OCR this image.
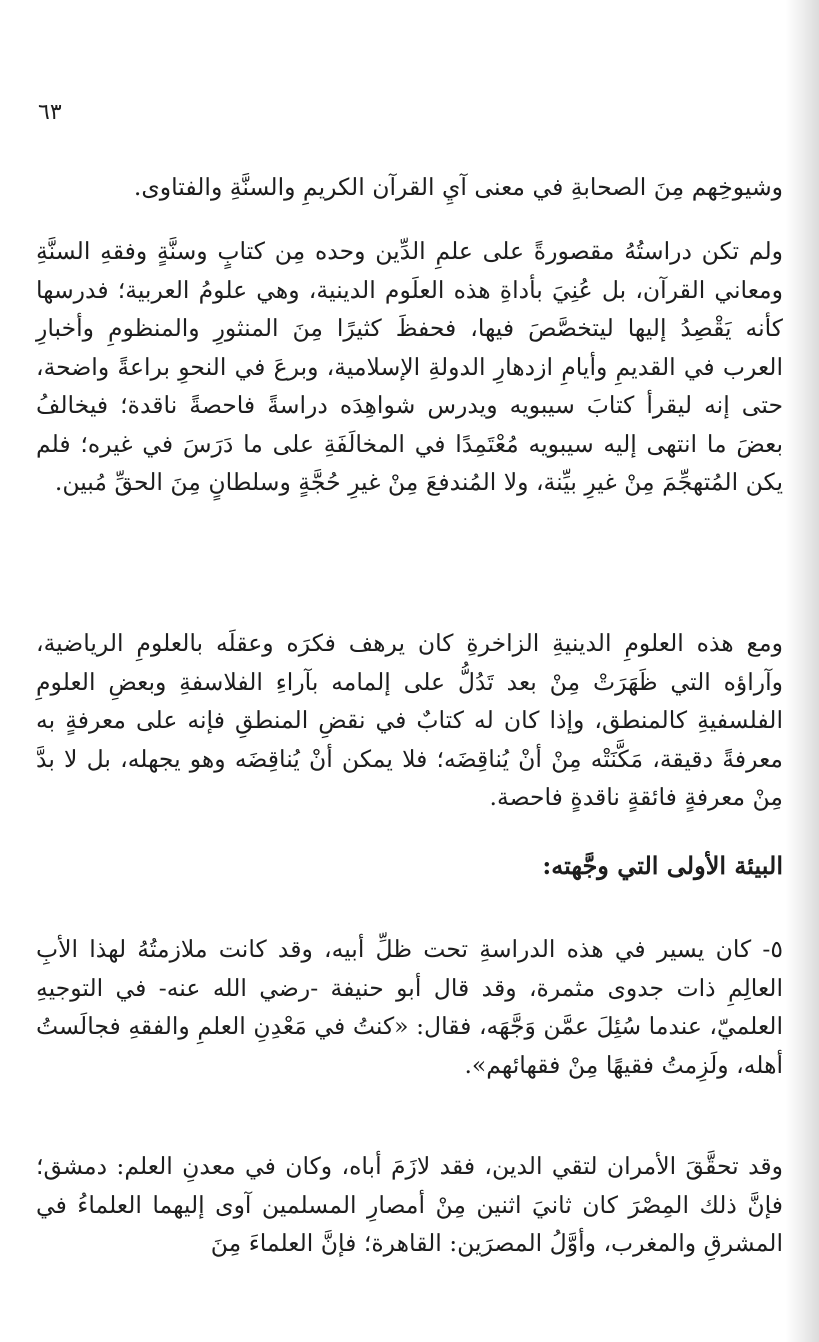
٦٣
وشيوخِهم مِنَ الصحابةِ في معنى آيِ القرآن الكريمِ والسنَّةِ والفتاوى.
ولم تكن دراستُهُ مقصورةً على علمِ الدِّين وحده مِن كتابٍ وسنَّةٍ وفقهِ السنَّةِ ومعاني القرآن، بل عُنِيَ بأداةِ هذه العلَوم الدينية، وهي علومُ العربية؛ فدرسها كأنه يَقْصِدُ إليها ليتخصَّصَ فيها، فحفظَ كثيرًا مِنَ المنثورِ والمنظومِ وأخبارِ العرب في القديمِ وأيامِ ازدهارِ الدولةِ الإسلامية، وبرعَ في النحوِ براعةً واضحة، حتى إنه ليقرأ كتابَ سيبويه ويدرس شواهِدَه دراسةً فاحصةً ناقدة؛ فيخالفُ بعضَ ما انتهى إليه سيبويه مُعْتَمِدًا في المخالَفَةِ على ما دَرَسَ في غيره؛ فلم يكن المُتهجِّمَ مِنْ غيرِ بيِّنة، ولا المُندفعَ مِنْ غيرِ حُجَّةٍ وسلطانٍ مِنَ الحقِّ مُبين.
ومع هذه العلومِ الدينيةِ الزاخرةِ كان يرهف فكرَه وعقلَه بالعلومِ الرياضية، وآراؤه التي ظَهَرَتْ مِنْ بعد تَدُلُّ على إلمامه بآراءِ الفلاسفةِ وبعضِ العلومِ الفلسفيةِ كالمنطق، وإذا كان له كتابٌ في نقضِ المنطقِ فإنه على معرفةٍ به معرفةً دقيقة، مَكَّنَتْه مِنْ أنْ يُناقِضَه؛ فلا يمكن أنْ يُناقِضَه وهو يجهله، بل لا بدَّ مِنْ معرفةٍ فائقةٍ ناقدةٍ فاحصة.
البيئة الأولى التي وجَّهته:
٥- كان يسير في هذه الدراسةِ تحت ظلِّ أبيه، وقد كانت ملازمتُهُ لهذا الأبِ العالِمِ ذات جدوى مثمرة، وقد قال أبو حنيفة -رضي الله عنه- في التوجيهِ العلميّ، عندما سُئِلَ عمَّن وَجَّهَه، فقال: «كنتُ في مَعْدِنِ العلمِ والفقهِ فجالَستُ أهله، ولَزِمتُ فقيهًا مِنْ فقهائهم».
وقد تحقَّقَ الأمران لتقي الدين، فقد لازَمَ أباه، وكان في معدنِ العلم: دمشق؛ فإنَّ ذلك المِصْرَ كان ثانيَ اثنين مِنْ أمصارِ المسلمين آوى إليهما العلماءُ في المشرقِ والمغرب، وأوَّلُ المصرَين: القاهرة؛ فإنَّ العلماءَ مِنَ
